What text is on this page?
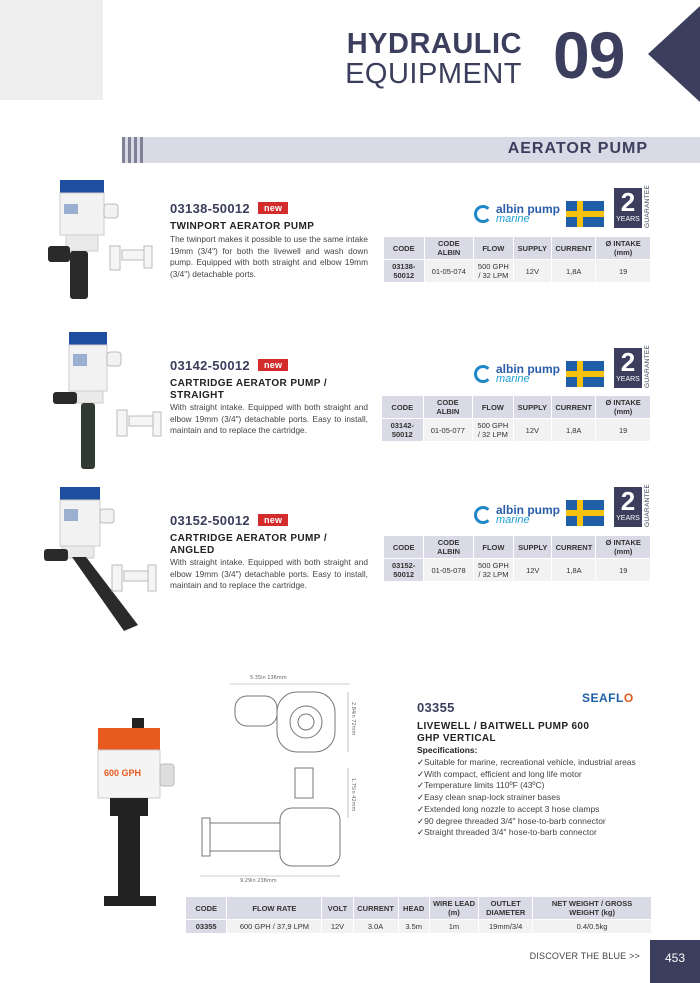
HYDRAULIC
EQUIPMENT 09
AERATOR PUMP
03138-50012 new
TWINPORT AERATOR PUMP
The twinport makes it possible to use the same intake 19mm (3/4") for both the livewell and wash down pump. Equipped with both straight and elbow 19mm (3/4") detachable ports.
albin pump
marine
2
YEARS GUARANTEE
CODE	CODE ALBIN	FLOW	SUPPLY	CURRENT	Ø INTAKE (mm)
03138-50012	01-05-074	500 GPH / 32 LPM	12V	1,8A	19
03142-50012 new
CARTRIDGE AERATOR PUMP / STRAIGHT
With straight intake. Equipped with both straight and elbow 19mm (3/4") detachable ports. Easy to install, maintain and to replace the cartridge.
albin pump
marine
2
YEARS GUARANTEE
CODE	CODE ALBIN	FLOW	SUPPLY	CURRENT	Ø INTAKE (mm)
03142-50012	01-05-077	500 GPH / 32 LPM	12V	1,8A	19
03152-50012 new
CARTRIDGE AERATOR PUMP / ANGLED
With straight intake. Equipped with both straight and elbow 19mm (3/4") detachable ports. Easy to install, maintain and to replace the cartridge.
albin pump
marine
2
YEARS GUARANTEE
CODE	CODE ALBIN	FLOW	SUPPLY	CURRENT	Ø INTAKE (mm)
03152-50012	01-05-078	500 GPH / 32 LPM	12V	1,8A	19
5.35in 136mm
2.84in 72mm
1.75in 42mm
9.29in 236mm
600 GPH
03355
SEAFLO
LIVEWELL / BAITWELL PUMP 600 GHP VERTICAL
Specifications:
✓ Suitable for marine, recreational vehicle, industrial areas
✓ With compact, efficient and long life motor
✓ Temperature limits 110ºF (43ºC)
✓ Easy clean snap-lock strainer bases
✓ Extended long nozzle to accept 3 hose clamps
✓ 90 degree threaded 3/4" hose-to-barb connector
✓ Straight threaded 3/4" hose-to-barb connector
CODE	FLOW RATE	VOLT	CURRENT	HEAD	WIRE LEAD (m)	OUTLET DIAMETER	NET WEIGHT / GROSS WEIGHT (kg)
03355	600 GPH / 37,9 LPM	12V	3.0A	3.5m	1m	19mm/3/4	0.4/0.5kg
DISCOVER THE BLUE >>	453
